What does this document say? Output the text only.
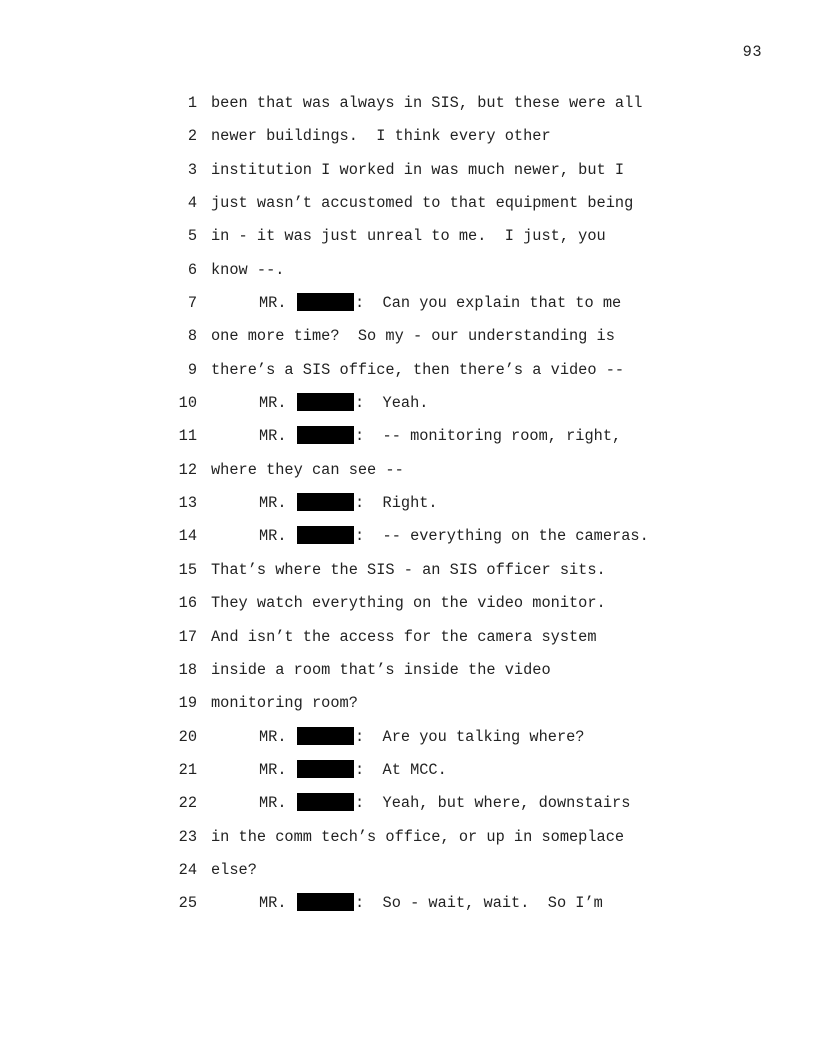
93
1 been that was always in SIS, but these were all
2 newer buildings.  I think every other
3 institution I worked in was much newer, but I
4 just wasn’t accustomed to that equipment being
5 in - it was just unreal to me.  I just, you
6 know --.
7	MR.	:  Can you explain that to me
8 one more time?  So my - our understanding is
9 there’s a SIS office, then there’s a video --
10	MR.	:  Yeah.
11	MR.	:  -- monitoring room, right,
12 where they can see --
13	MR.	:  Right.
14	MR.	:  -- everything on the cameras.
15 That’s where the SIS - an SIS officer sits.
16 They watch everything on the video monitor.
17 And isn’t the access for the camera system
18 inside a room that’s inside the video
19 monitoring room?
20	MR.	:  Are you talking where?
21	MR.	:  At MCC.
22	MR.	:  Yeah, but where, downstairs
23 in the comm tech’s office, or up in someplace
24 else?
25	MR.	:  So - wait, wait.  So I’m
